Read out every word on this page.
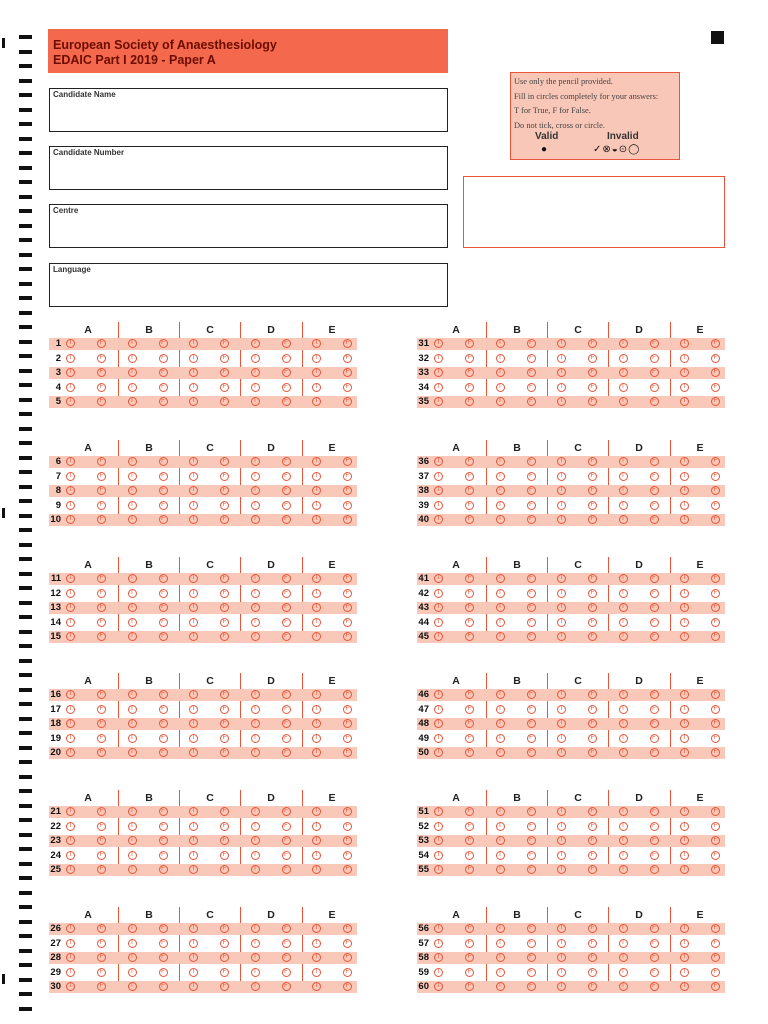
European Society of Anaesthesiology
EDAIC Part I 2019 - Paper A
Candidate Name
Candidate Number
Centre
Language
Use only the pencil provided.
Fill in circles completely for your answers:
T for True, F for False.
Do not tick, cross or circle.
Valid	Invalid
●	✓⊗◒⊙◯
A	B	C	D	E
1	T	F	T	F	T	F	T	F	T	F
2	T	F	T	F	T	F	T	F	T	F
3	T	F	T	F	T	F	T	F	T	F
4	T	F	T	F	T	F	T	F	T	F
5	T	F	T	F	T	F	T	F	T	F
A	B	C	D	E
31	T	F	T	F	T	F	T	F	T	F
32	T	F	T	F	T	F	T	F	T	F
33	T	F	T	F	T	F	T	F	T	F
34	T	F	T	F	T	F	T	F	T	F
35	T	F	T	F	T	F	T	F	T	F
A	B	C	D	E
6	T	F	T	F	T	F	T	F	T	F
7	T	F	T	F	T	F	T	F	T	F
8	T	F	T	F	T	F	T	F	T	F
9	T	F	T	F	T	F	T	F	T	F
10	T	F	T	F	T	F	T	F	T	F
A	B	C	D	E
36	T	F	T	F	T	F	T	F	T	F
37	T	F	T	F	T	F	T	F	T	F
38	T	F	T	F	T	F	T	F	T	F
39	T	F	T	F	T	F	T	F	T	F
40	T	F	T	F	T	F	T	F	T	F
A	B	C	D	E
11	T	F	T	F	T	F	T	F	T	F
12	T	F	T	F	T	F	T	F	T	F
13	T	F	T	F	T	F	T	F	T	F
14	T	F	T	F	T	F	T	F	T	F
15	T	F	T	F	T	F	T	F	T	F
A	B	C	D	E
41	T	F	T	F	T	F	T	F	T	F
42	T	F	T	F	T	F	T	F	T	F
43	T	F	T	F	T	F	T	F	T	F
44	T	F	T	F	T	F	T	F	T	F
45	T	F	T	F	T	F	T	F	T	F
A	B	C	D	E
16	T	F	T	F	T	F	T	F	T	F
17	T	F	T	F	T	F	T	F	T	F
18	T	F	T	F	T	F	T	F	T	F
19	T	F	T	F	T	F	T	F	T	F
20	T	F	T	F	T	F	T	F	T	F
A	B	C	D	E
46	T	F	T	F	T	F	T	F	T	F
47	T	F	T	F	T	F	T	F	T	F
48	T	F	T	F	T	F	T	F	T	F
49	T	F	T	F	T	F	T	F	T	F
50	T	F	T	F	T	F	T	F	T	F
A	B	C	D	E
21	T	F	T	F	T	F	T	F	T	F
22	T	F	T	F	T	F	T	F	T	F
23	T	F	T	F	T	F	T	F	T	F
24	T	F	T	F	T	F	T	F	T	F
25	T	F	T	F	T	F	T	F	T	F
A	B	C	D	E
51	T	F	T	F	T	F	T	F	T	F
52	T	F	T	F	T	F	T	F	T	F
53	T	F	T	F	T	F	T	F	T	F
54	T	F	T	F	T	F	T	F	T	F
55	T	F	T	F	T	F	T	F	T	F
A	B	C	D	E
26	T	F	T	F	T	F	T	F	T	F
27	T	F	T	F	T	F	T	F	T	F
28	T	F	T	F	T	F	T	F	T	F
29	T	F	T	F	T	F	T	F	T	F
30	T	F	T	F	T	F	T	F	T	F
A	B	C	D	E
56	T	F	T	F	T	F	T	F	T	F
57	T	F	T	F	T	F	T	F	T	F
58	T	F	T	F	T	F	T	F	T	F
59	T	F	T	F	T	F	T	F	T	F
60	T	F	T	F	T	F	T	F	T	F
